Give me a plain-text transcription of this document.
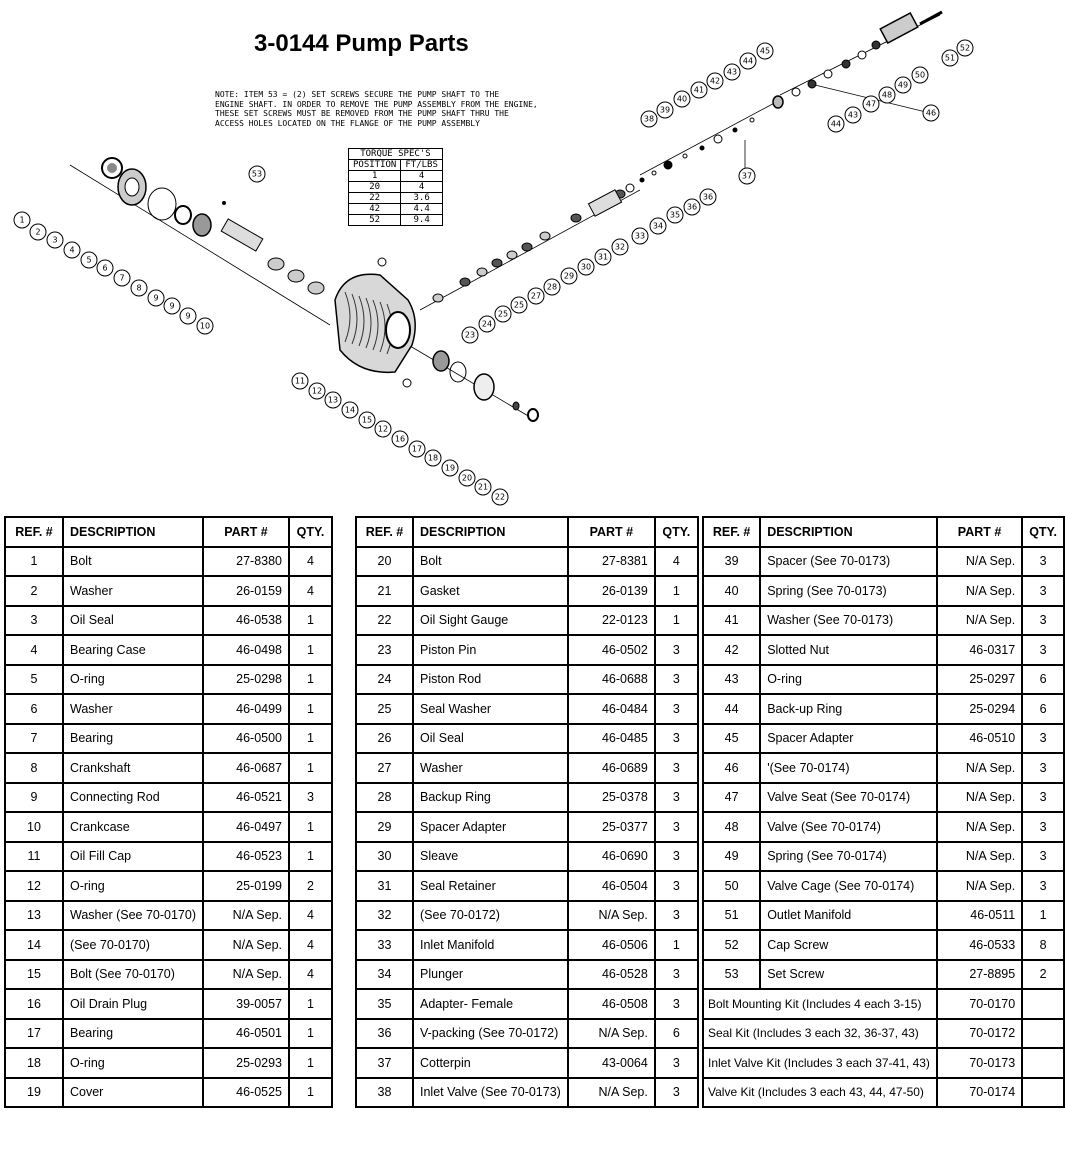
1
2
3
4
5
6
7
8
9
9
9
10
11
12
13
14
15
12
16
17
18
19
20
21
22
23
24
25
25
27
28
29
30
31
32
33
34
35
36
36
37
38
39
40
41
42
43
44
45
46
43
44
47
48
49
50
51
52
53
3-0144 Pump Parts
NOTE: ITEM 53 = (2) SET SCREWS SECURE THE PUMP SHAFT TO THE
ENGINE SHAFT. IN ORDER TO REMOVE THE PUMP ASSEMBLY FROM THE ENGINE,
THESE SET SCREWS MUST BE REMOVED FROM THE PUMP SHAFT THRU THE
ACCESS HOLES LOCATED ON THE FLANGE OF THE PUMP ASSEMBLY
TORQUE SPEC'S	
POSITION	FT/LBS
1	4
20	4
22	3.6
42	4.4
52	9.4
REF. #	DESCRIPTION	PART #	QTY.
1	Bolt	27-8380	4
2	Washer	26-0159	4
3	Oil Seal	46-0538	1
4	Bearing Case	46-0498	1
5	O-ring	25-0298	1
6	Washer	46-0499	1
7	Bearing	46-0500	1
8	Crankshaft	46-0687	1
9	Connecting Rod	46-0521	3
10	Crankcase	46-0497	1
11	Oil Fill Cap	46-0523	1
12	O-ring	25-0199	2
13	Washer (See 70-0170)	N/A Sep.	4
14	(See 70-0170)	N/A Sep.	4
15	Bolt (See 70-0170)	N/A Sep.	4
16	Oil Drain Plug	39-0057	1
17	Bearing	46-0501	1
18	O-ring	25-0293	1
19	Cover	46-0525	1
REF. #	DESCRIPTION	PART #	QTY.
20	Bolt	27-8381	4
21	Gasket	26-0139	1
22	Oil Sight Gauge	22-0123	1
23	Piston Pin	46-0502	3
24	Piston Rod	46-0688	3
25	Seal Washer	46-0484	3
26	Oil Seal	46-0485	3
27	Washer	46-0689	3
28	Backup Ring	25-0378	3
29	Spacer Adapter	25-0377	3
30	Sleave	46-0690	3
31	Seal Retainer	46-0504	3
32	(See 70-0172)	N/A Sep.	3
33	Inlet Manifold	46-0506	1
34	Plunger	46-0528	3
35	Adapter- Female	46-0508	3
36	V-packing (See 70-0172)	N/A Sep.	6
37	Cotterpin	43-0064	3
38	Inlet Valve (See 70-0173)	N/A Sep.	3
REF. #	DESCRIPTION	PART #	QTY.
39	Spacer (See 70-0173)	N/A Sep.	3
40	Spring (See 70-0173)	N/A Sep.	3
41	Washer (See 70-0173)	N/A Sep.	3
42	Slotted Nut	46-0317	3
43	O-ring	25-0297	6
44	Back-up Ring	25-0294	6
45	Spacer Adapter	46-0510	3
46	'(See 70-0174)	N/A Sep.	3
47	Valve Seat (See 70-0174)	N/A Sep.	3
48	Valve (See 70-0174)	N/A Sep.	3
49	Spring (See 70-0174)	N/A Sep.	3
50	Valve Cage (See 70-0174)	N/A Sep.	3
51	Outlet Manifold	46-0511	1
52	Cap Screw	46-0533	8
53	Set Screw	27-8895	2
Bolt Mounting Kit (Includes 4 each 3-15)		70-0170	
Seal Kit (Includes 3 each 32, 36-37, 43)		70-0172	
Inlet Valve Kit (Includes 3 each 37-41, 43)		70-0173	
Valve Kit (Includes 3 each 43, 44, 47-50)		70-0174	
